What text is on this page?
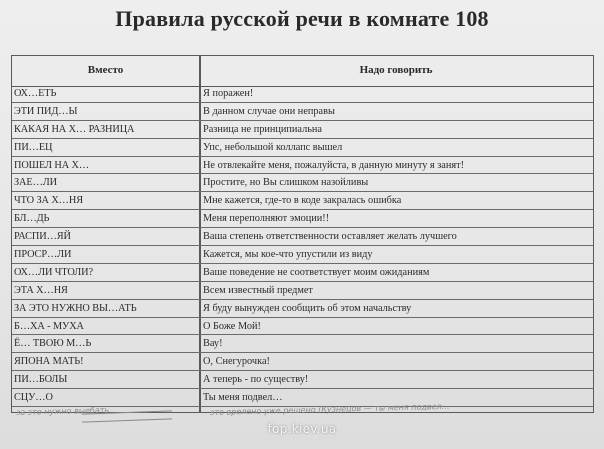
Правила русской речи в комнате 108
Вместо	Надо говорить
ОХ…ЕТЬ	Я поражен!
ЭТИ ПИД…Ы	В данном случае они неправы
КАКАЯ НА Х… РАЗНИЦА	Разница не принципиальна
ПИ…ЕЦ	Упс, небольшой коллапс вышел
ПОШЕЛ НА Х…	Не отвлекайте меня, пожалуйста, в данную минуту я занят!
ЗАЕ…ЛИ	Простите, но Вы слишком назойливы
ЧТО ЗА Х…НЯ	Мне кажется, где-то в коде закралась ошибка
БЛ…ДЬ	Меня переполняют эмоции!!
РАСПИ…ЯЙ	Ваша степень ответственности оставляет желать лучшего
ПРОСР…ЛИ	Кажется, мы кое-что упустили из виду
ОХ…ЛИ ЧТОЛИ?	Ваше поведение не соответствует моим ожиданиям
ЭТА Х…НЯ	Всем известный предмет
ЗА ЭТО НУЖНО ВЫ…АТЬ	Я буду вынужден сообщить об этом начальству
Б…ХА - МУХА	О Боже Мой!
Ё… ТВОЮ М…Ь	Вау!
ЯПОНА МАТЬ!	О, Снегурочка!
ПИ…БОЛЫ	А теперь - по существу!
СЦУ…О	Ты меня подвел…
за это нужно выебать	это врелено уже решено (Кузнецов — ты меня подвел…
fop.kiev.ua
